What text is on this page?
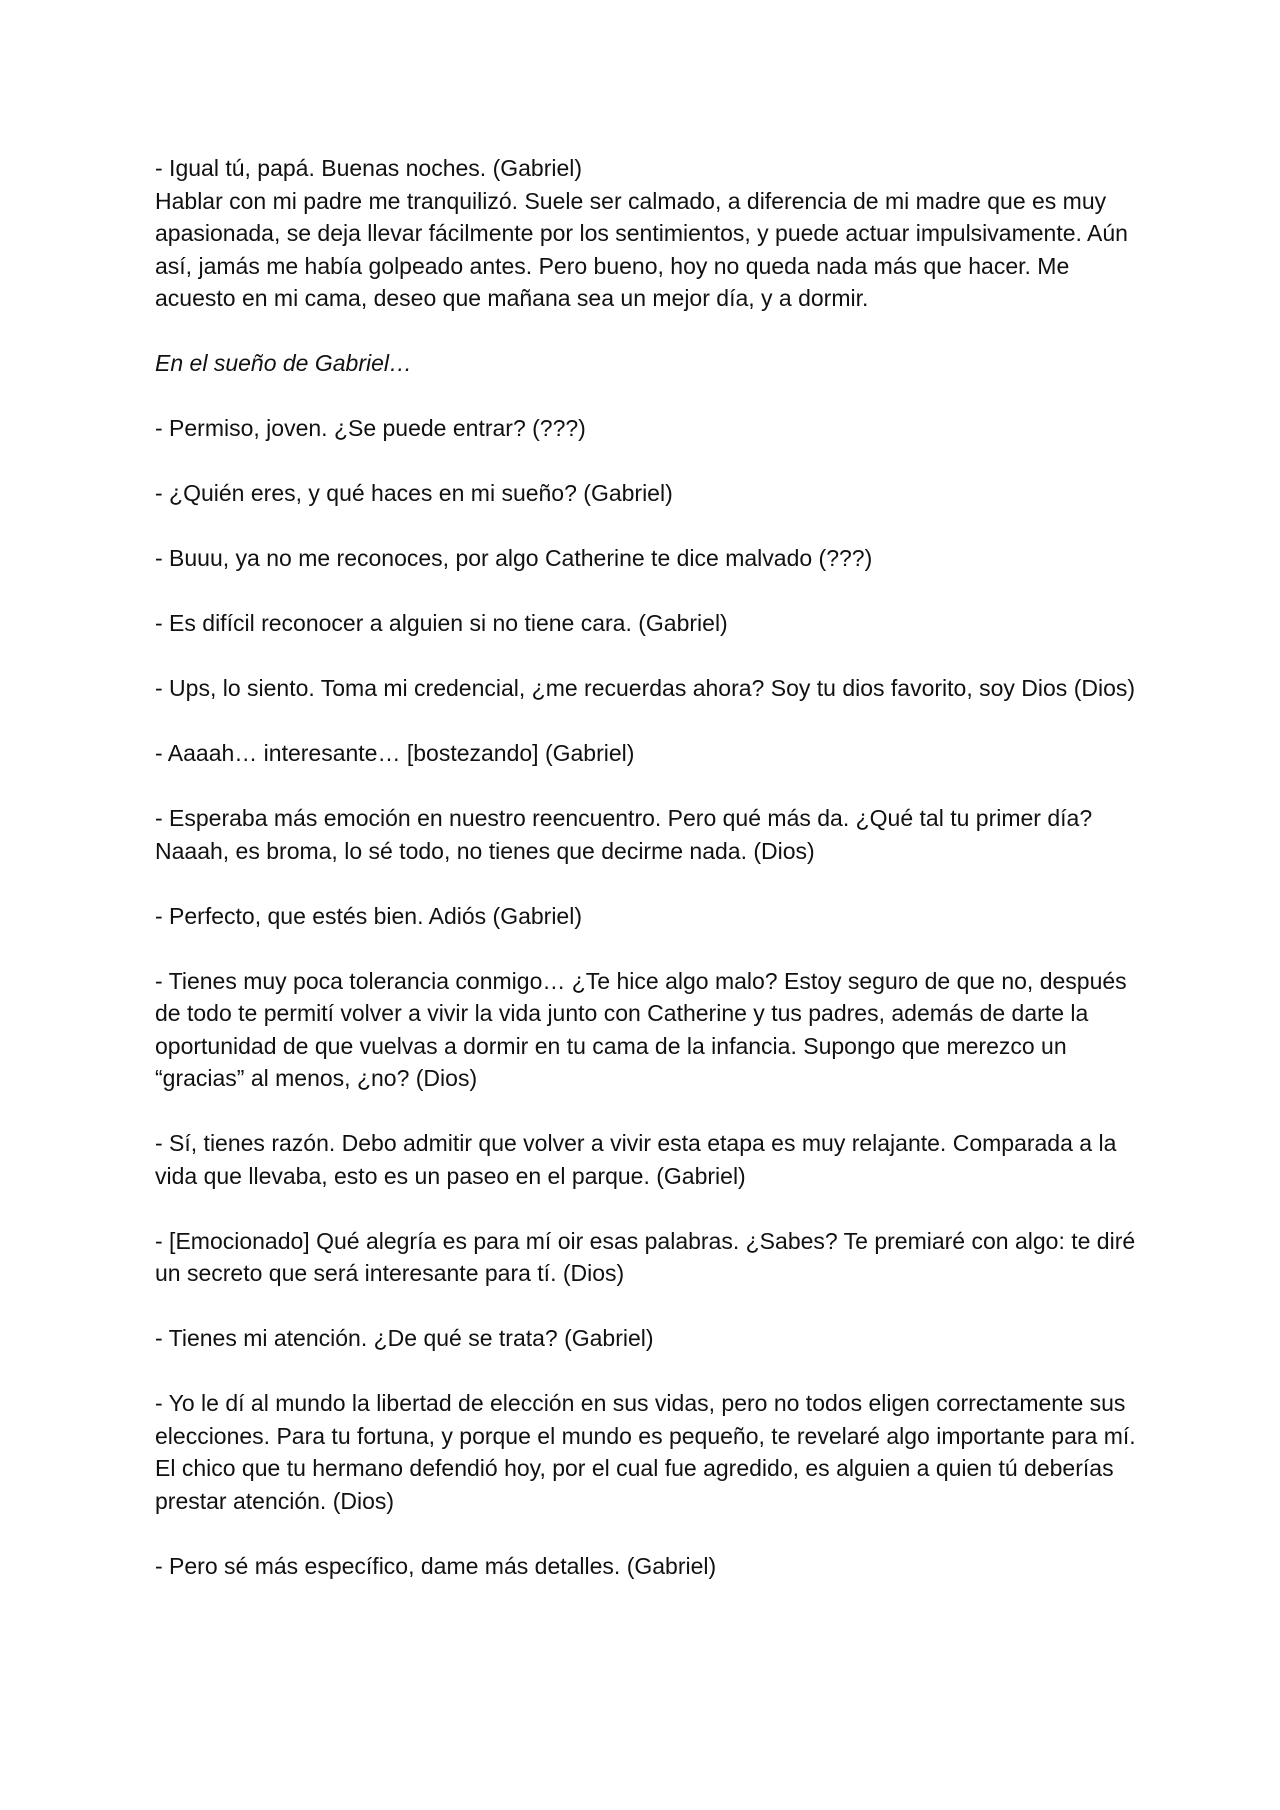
- Igual tú, papá. Buenas noches. (Gabriel)

Hablar con mi padre me tranquilizó. Suele ser calmado, a diferencia de mi madre que es muy apasionada, se deja llevar fácilmente por los sentimientos, y puede actuar impulsivamente. Aún así, jamás me había golpeado antes. Pero bueno, hoy no queda nada más que hacer. Me acuesto en mi cama, deseo que mañana sea un mejor día, y a dormir.

En el sueño de Gabriel…

- Permiso, joven. ¿Se puede entrar? (???)

- ¿Quién eres, y qué haces en mi sueño? (Gabriel)

- Buuu, ya no me reconoces, por algo Catherine te dice malvado (???)

- Es difícil reconocer a alguien si no tiene cara. (Gabriel)

- Ups, lo siento. Toma mi credencial, ¿me recuerdas ahora? Soy tu dios favorito, soy Dios (Dios)

- Aaaah… interesante… [bostezando] (Gabriel)

- Esperaba más emoción en nuestro reencuentro. Pero qué más da. ¿Qué tal tu primer día? Naaah, es broma, lo sé todo, no tienes que decirme nada. (Dios)

- Perfecto, que estés bien. Adiós (Gabriel)

- Tienes muy poca tolerancia conmigo… ¿Te hice algo malo? Estoy seguro de que no, después de todo te permití volver a vivir la vida junto con Catherine y tus padres, además de darte la oportunidad de que vuelvas a dormir en tu cama de la infancia. Supongo que merezco un “gracias” al menos, ¿no? (Dios)

- Sí, tienes razón. Debo admitir que volver a vivir esta etapa es muy relajante. Comparada a la vida que llevaba, esto es un paseo en el parque. (Gabriel)

- [Emocionado] Qué alegría es para mí oir esas palabras. ¿Sabes? Te premiaré con algo: te diré un secreto que será interesante para tí. (Dios)

- Tienes mi atención. ¿De qué se trata? (Gabriel)

- Yo le dí al mundo la libertad de elección en sus vidas, pero no todos eligen correctamente sus elecciones. Para tu fortuna, y porque el mundo es pequeño, te revelaré algo importante para mí. El chico que tu hermano defendió hoy, por el cual fue agredido, es alguien a quien tú deberías prestar atención. (Dios)

- Pero sé más específico, dame más detalles. (Gabriel)
